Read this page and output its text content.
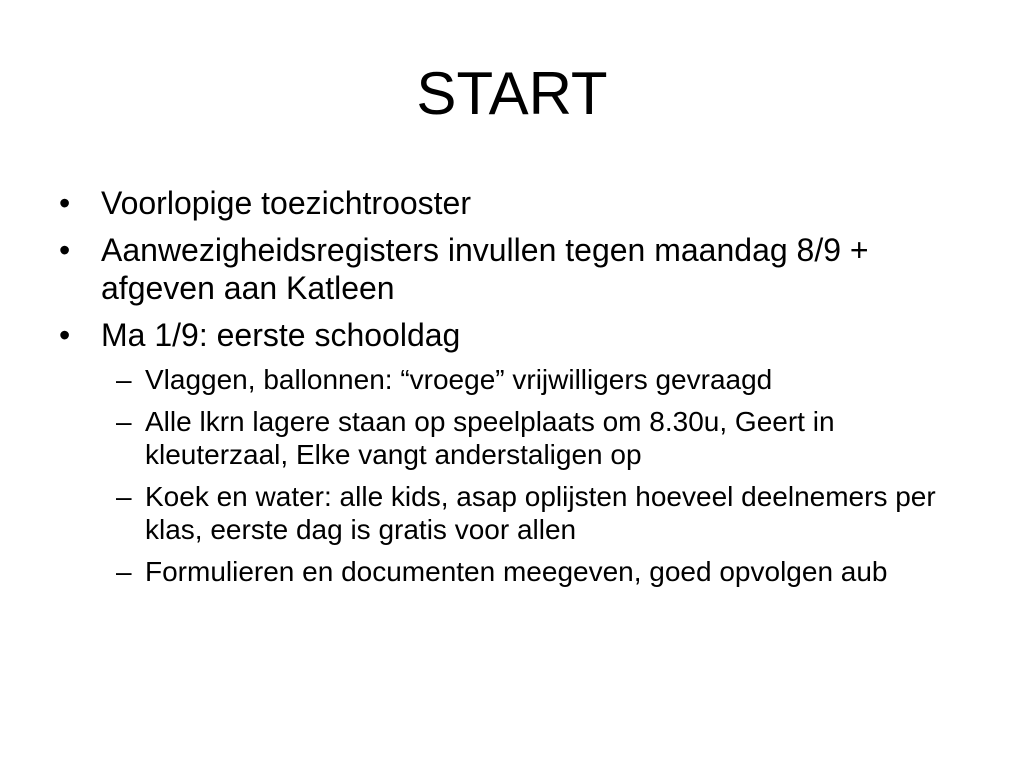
START
• Voorlopige toezichtrooster
• Aanwezigheidsregisters invullen tegen maandag 8/9 + afgeven aan Katleen
• Ma 1/9: eerste schooldag
– Vlaggen, ballonnen: “vroege” vrijwilligers gevraagd
– Alle lkrn lagere staan op speelplaats om 8.30u, Geert in kleuterzaal, Elke vangt anderstaligen op
– Koek en water: alle kids, asap oplijsten hoeveel deelnemers per klas, eerste dag is gratis voor allen
– Formulieren en documenten meegeven, goed opvolgen aub
